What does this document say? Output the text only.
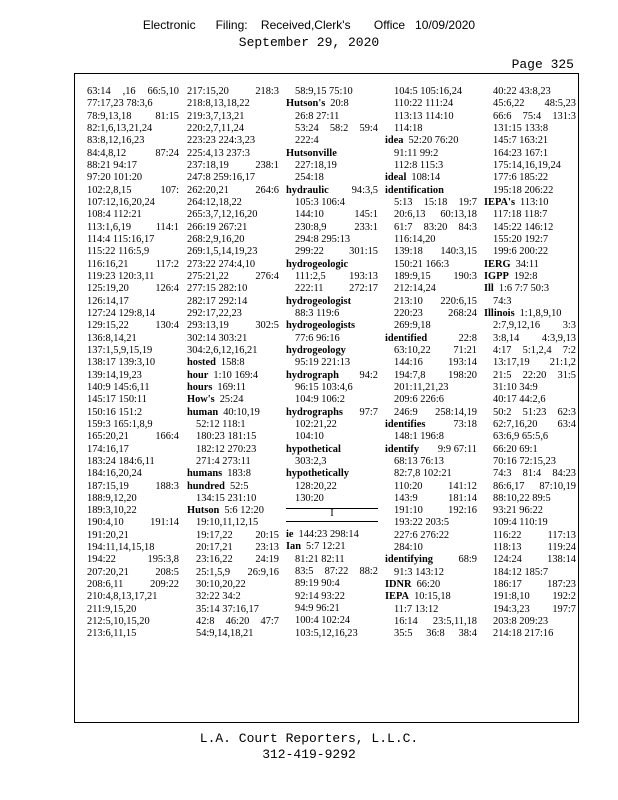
Electronic      Filing:    Received,Clerk's       Office   10/09/2020
September 29, 2020
Page 325
63:14 ,16 66:5,10
77:17,23 78:3,6
78:9,13,18 81:15
82:1,6,13,21,24
83:8,12,16,23
84:4,8,12 87:24
88:21 94:17
97:20 101:20
102:2,8,15 107:
107:12,16,20,24
108:4 112:21
113:1,6,19 114:1
114:4 115:16,17
115:22 116:5,9
116:16,21 117:2
119:23 120:3,11
125:19,20 126:4
126:14,17
127:24 129:8,14
129:15,22 130:4
136:8,14,21
137:1,5,9,15,19
138:17 139:3,10
139:14,19,23
140:9 145:6,11
145:17 150:11
150:16 151:2
159:3 165:1,8,9
165:20,21 166:4
174:16,17
183:24 184:6,11
184:16,20,24
187:15,19 188:3
188:9,12,20
189:3,10,22
190:4,10 191:14
191:20,21
194:11,14,15,18
194:22 195:3,8
207:20,21 208:5
208:6,11 209:22
210:4,8,13,17,21
211:9,15,20
212:5,10,15,20
213:6,11,15
217:15,20 218:3
218:8,13,18,22
219:3,7,13,21
220:2,7,11,24
223:23 224:3,23
225:4,13 237:3
237:18,19 238:1
247:8 259:16,17
262:20,21 264:6
264:12,18,22
265:3,7,12,16,20
266:19 267:21
268:2,9,16,20
269:1,5,14,19,23
273:22 274:4,10
275:21,22 276:4
277:15 282:10
282:17 292:14
292:17,22,23
293:13,19 302:5
302:14 303:21
304:2,6,12,16,21
hosted 158:8
hour 1:10 169:4
hours 169:11
How's 25:24
human 40:10,19
52:12 118:1
180:23 181:15
182:12 270:23
271:4 273:11
humans 183:8
hundred 52:5
134:15 231:10
Hutson 5:6 12:20
19:10,11,12,15
19:17,22 20:15
20:17,21 23:13
23:16,22 24:19
25:1,5,9 26:9,16
30:10,20,22
32:22 34:2
35:14 37:16,17
42:8 46:20 47:7
54:9,14,18,21
58:9,15 75:10
Hutson's 20:8
26:8 27:11
53:24 58:2 59:4
222:4
Hutsonville
227:18,19
254:18
hydraulic 94:3,5
105:3 106:4
144:10 145:1
230:8,9 233:1
294:8 295:13
299:22 301:15
hydrogeologic
111:2,5 193:13
222:11 272:17
hydrogeologist
88:3 119:6
hydrogeologists
77:6 96:16
hydrogeology
95:19 221:13
hydrograph 94:2
96:15 103:4,6
104:9 106:2
hydrographs 97:7
102:21,22
104:10
hypothetical
303:2,3
hypothetically
128:20,22
130:20
I
ie 144:23 298:14
Ian 5:7 12:21
81:21 82:11
83:5 87:22 88:2
89:19 90:4
92:14 93:22
94:9 96:21
100:4 102:24
103:5,12,16,23
104:5 105:16,24
110:22 111:24
113:13 114:10
114:18
idea 52:20 76:20
91:11 99:2
112:8 115:3
ideal 108:14
identification
5:13 15:18 19:7
20:6,13 60:13,18
61:7 83:20 84:3
116:14,20
139:18 140:3,15
150:21 166:3
189:9,15 190:3
212:14,24
213:10 220:6,15
220:23 268:24
269:9,18
identified	22:8
63:10,22 71:21
144:16 193:14
194:7,8 198:20
201:11,21,23
209:6 226:6
246:9 258:14,19
identifies	73:18
148:1 196:8
identify 9:9 67:11
68:13 76:13
82:7,8 102:21
110:20 141:12
143:9 181:14
191:10 192:16
193:22 203:5
227:6 276:22
284:10
identifying 68:9
91:3 143:12
IDNR 66:20
IEPA 10:15,18
11:7 13:12
16:14 23:5,11,18
35:5 36:8 38:4
40:22 43:8,23
45:6,22 48:5,23
66:6 75:4 131:3
131:15 133:8
145:7 163:21
164:23 167:1
175:14,16,19,24
177:6 185:22
195:18 206:22
IEPA's 113:10
117:18 118:7
145:22 146:12
155:20 192:7
199:6 200:22
IERG 34:11
IGPP 192:8
Ill 1:6 7:7 50:3
74:3
Illinois 1:1,8,9,10
2:7,9,12,16 3:3
3:8,14 4:3,9,13
4:17 5:1,2,4 7:2
13:17,19 21:1,2
21:5 22:20 31:5
31:10 34:9
40:17 44:2,6
50:2 51:23 62:3
62:7,16,20 63:4
63:6,9 65:5,6
66:20 69:1
70:16 72:15,23
74:3 81:4 84:23
86:6,17 87:10,19
88:10,22 89:5
93:21 96:22
109:4 110:19
116:22 117:13
118:13 119:24
124:24 138:14
184:12 185:7
186:17 187:23
191:8,10 192:2
194:3,23 197:7
203:8 209:23
214:18 217:16
L.A. Court Reporters, L.L.C.
312-419-9292
